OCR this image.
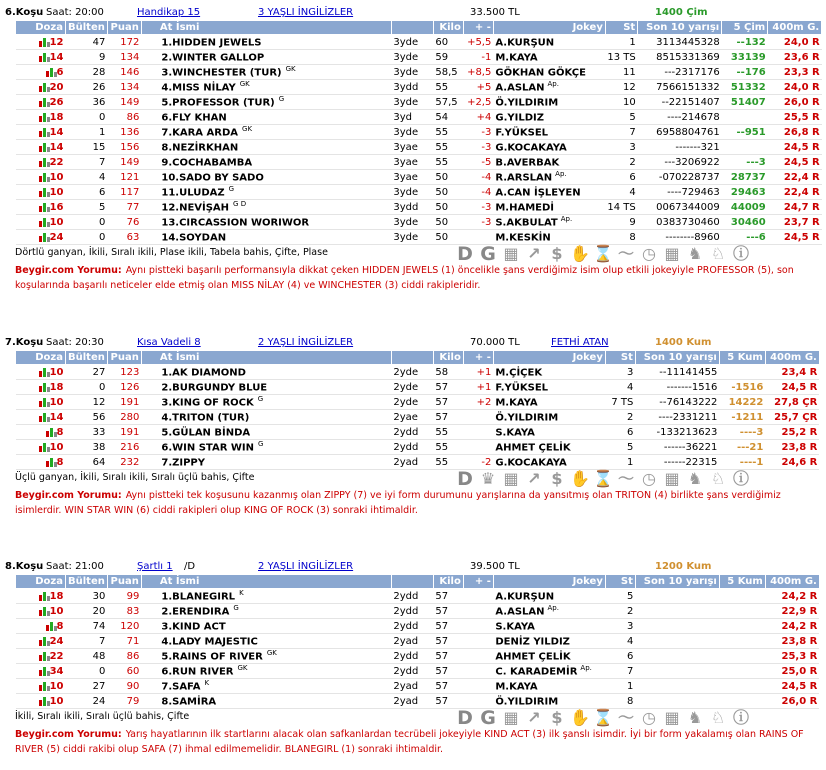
6.Koşu Saat: 20:00	Handikap 15	3 YAŞLI İNGİLİZLER	33.500 TL	1400 Çim
Doza	Bülten	Puan	At İsmi		Kilo	+ -	Jokey	St	Son 10 yarışı	5 Çim	400m G.

12	47	172	1.HIDDEN JEWELS	3yde	60	+5,5	A.KURŞUN	1	3113445328	--132	24,0 R

14	9	134	2.WINTER GALLOP	3yde	59	-1	M.KAYA	13 TS	8515331369	33139	23,6 R

6	28	146	3.WINCHESTER (TUR) $^{GK}$	3yde	58,5	+8,5	GÖKHAN GÖKÇE	11	---2317176	--176	23,3 R

20	26	134	4.MISS NİLAY $^{GK}$	3ydd	55	+5	A.ASLAN $^{Ap.}$	12	7566151332	51332	24,0 R

26	36	149	5.PROFESSOR (TUR) $^G$	3yde	57,5	+2,5	Ö.YILDIRIM	10	--22151407	51407	26,0 R

18	0	86	6.FLY KHAN	3yd	54	+4	G.YILDIZ	5	----214678		25,5 R

14	1	136	7.KARA ARDA $^{GK}$	3yde	55	-3	F.YÜKSEL	7	6958804761	--951	26,8 R

14	15	156	8.NEZİRKHAN	3yae	55	-3	G.KOCAKAYA	3	-------321		24,5 R

22	7	149	9.COCHABAMBA	3yae	55	-5	B.AVERBAK	2	---3206922	---3	24,5 R

10	4	121	10.SADO BY SADO	3yae	50	-4	R.ARSLAN $^{Ap.}$	6	-070228737	28737	22,4 R

10	6	117	11.ULUDAZ $^G$	3yde	50	-4	A.CAN İŞLEYEN	4	----729463	29463	22,4 R

16	5	77	12.NEVİŞAH $^{G D}$	3ydd	50	-3	M.HAMEDİ	14 TS	0067344009	44009	24,7 R

10	0	76	13.CIRCASSION WORIWOR	3yde	50	-3	S.AKBULAT $^{Ap.}$	9	0383730460	30460	23,7 R

24	0	63	14.SOYDAN	3yde	50		M.KESKİN	8	--------8960	---6	24,5 R
D G ▦ ↗ $ ✋ ⌛ 〜 ◷ ▦ ♞ ♘ ⓘ
Dörtlü ganyan, İkili, Sıralı ikili, Plase ikili, Tabela bahis, Çifte, Plase
Beygir.com Yorumu: Aynı pistteki başarılı performansıyla dikkat çeken HIDDEN JEWELS (1) öncelikle şans verdiğimiz isim olup etkili jokeyiyle PROFESSOR (5), son koşularında başarılı neticeler elde etmiş olan MISS NİLAY (4) ve WINCHESTER (3) ciddi rakipleridir.
7.Koşu Saat: 20:30	Kısa Vadeli 8	2 YAŞLI İNGİLİZLER	70.000 TL	FETHİ ATAN	1400 Kum
Doza	Bülten	Puan	At İsmi		Kilo	+ -	Jokey	St	Son 10 yarışı	5 Kum	400m G.

10	27	123	1.AK DIAMOND	2yde	58	+1	M.ÇİÇEK	3	--11141455		23,4 R

18	0	126	2.BURGUNDY BLUE	2yde	57	+1	F.YÜKSEL	4	-------1516	-1516	24,5 R

10	12	191	3.KING OF ROCK $^G$	2yde	57	+2	M.KAYA	7 TS	--76143222	14222	27,8 ÇR

14	56	280	4.TRITON (TUR)	2yae	57		Ö.YILDIRIM	2	----2331211	-1211	25,7 ÇR

8	33	191	5.GÜLAN BİNDA	2ydd	55		S.KAYA	6	-133213623	----3	25,2 R

10	38	216	6.WIN STAR WIN $^G$	2ydd	55		AHMET ÇELİK	5	------36221	---21	23,8 R

8	64	232	7.ZIPPY	2yad	55	-2	G.KOCAKAYA	1	------22315	----1	24,6 R
D ♛ ▦ ↗ $ ✋ ⌛ 〜 ◷ ▦ ♞ ♘ ⓘ
Üçlü ganyan, İkili, Sıralı ikili, Sıralı üçlü bahis, Çifte
Beygir.com Yorumu: Aynı pistteki tek koşusunu kazanmış olan ZIPPY (7) ve iyi form durumunu yarışlarına da yansıtmış olan TRITON (4) birlikte şans verdiğimiz isimlerdir. WIN STAR WIN (6) ciddi rakipleri olup KING OF ROCK (3) sonraki ihtimaldir.
8.Koşu Saat: 21:00	Şartlı 1	2 YAŞLI İNGİLİZLER	39.500 TL	1200 Kum
/D
Doza	Bülten	Puan	At İsmi		Kilo	+ -	Jokey	St	Son 10 yarışı	5 Kum	400m G.

18	30	99	1.BLANEGIRL $^K$	2ydd	57		A.KURŞUN	5			24,2 R

10	20	83	2.ERENDIRA $^G$	2ydd	57		A.ASLAN $^{Ap.}$	2			22,9 R

8	74	120	3.KIND ACT	2ydd	57		S.KAYA	3			24,2 R

24	7	71	4.LADY MAJESTIC	2yad	57		DENİZ YILDIZ	4			23,8 R

22	48	86	5.RAINS OF RIVER $^{GK}$	2ydd	57		AHMET ÇELİK	6			25,3 R

34	0	60	6.RUN RIVER $^{GK}$	2ydd	57		C. KARADEMİR $^{Ap.}$	7			25,0 R

10	27	90	7.SAFA $^K$	2yad	57		M.KAYA	1			24,5 R

10	24	79	8.SAMİRA	2yad	57		Ö.YILDIRIM	8			26,0 R
D G ▦ ↗ $ ✋ ⌛ 〜 ◷ ▦ ♞ ♘ ⓘ
İkili, Sıralı ikili, Sıralı üçlü bahis, Çifte
Beygir.com Yorumu: Yarış hayatlarının ilk startlarını alacak olan safkanlardan tecrübeli jokeyiyle KIND ACT (3) ilk şanslı isimdir. İyi bir form yakalamış olan RAINS OF RIVER (5) ciddi rakibi olup SAFA (7) ihmal edilmemelidir. BLANEGIRL (1) sonraki ihtimaldir.
